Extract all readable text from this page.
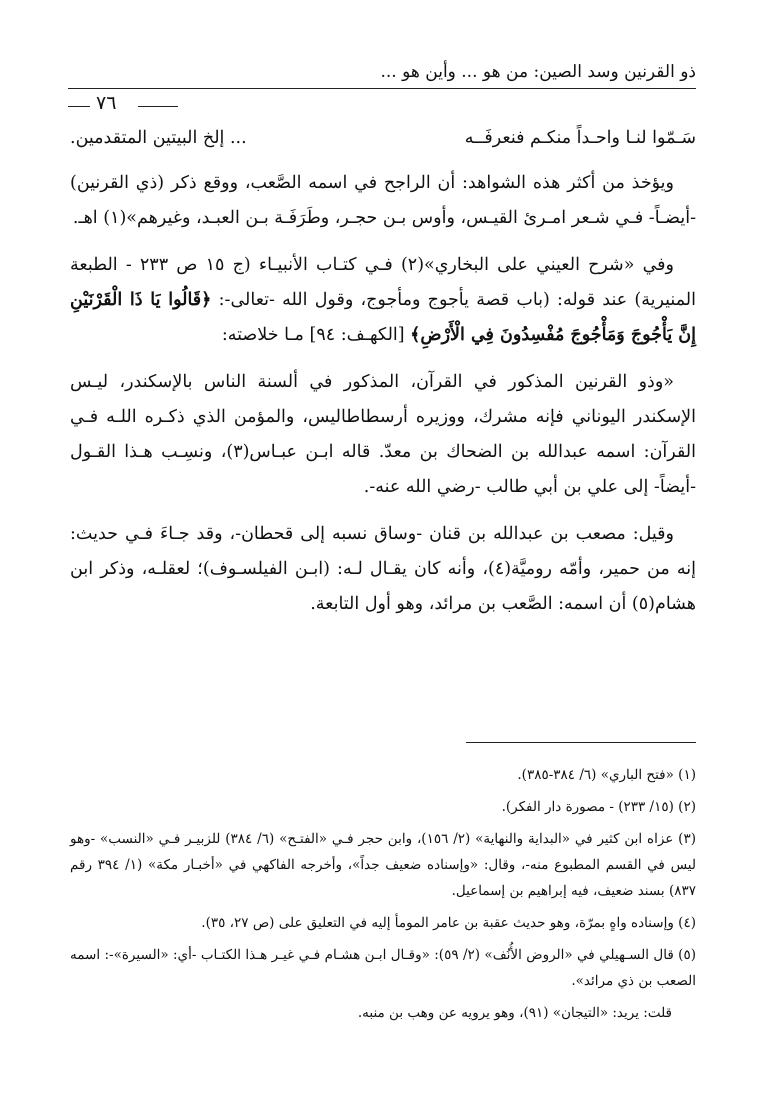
ذو القرنين وسد الصين: من هو ... وأين هو ...
٧٦
سَـمّوا لنـا واحـداً منكـم فنعرفَــه
... إلخ البيتين المتقدمين.

ويؤخذ من أكثر هذه الشواهد: أن الراجح في اسمه الصَّعب، ووقع ذكر (ذي القرنين) -أيضـاً- فـي شـعر امـرئ القيـس، وأوس بـن حجـر، وطَرَفَـة بـن العبـد، وغيرهم»(١) اهـ.

وفي «شرح العيني على البخاري»(٢) فـي كتـاب الأنبيـاء (ج ١٥ ص ٢٣٣ - الطبعة المنيرية) عند قوله: (باب قصة يأجوج ومأجوج، وقول الله -تعالى-: ﴿قَالُوا يَا ذَا الْقَرْنَيْنِ إِنَّ يَأْجُوجَ وَمَأْجُوجَ مُفْسِدُونَ فِي الْأَرْضِ﴾ [الكهـف: ٩٤] مـا خلاصته:

«وذو القرنين المذكور في القرآن، المذكور في ألسنة الناس بالإسكندر، ليـس الإسكندر اليوناني فإنه مشرك، ووزيره أرسطاطاليس، والمؤمن الذي ذكـره اللـه فـي القرآن: اسمه عبدالله بن الضحاك بن معدّ. قاله ابـن عبـاس(٣)، ونسِـب هـذا القـول -أيضاً- إلى علي بن أبي طالب -رضي الله عنه-.

وقيل: مصعب بن عبدالله بن قنان -وساق نسبه إلى قحطان-، وقد جـاءَ فـي حديث: إنه من حمير، وأمّه روميَّة(٤)، وأنه كان يقـال لـه: (ابـن الفيلسـوف)؛ لعقلـه، وذكر ابن هشام(٥) أن اسمه: الصَّعب بن مرائد، وهو أول التابعة.

(١) «فتح الباري» (٦/ ٣٨٤-٣٨٥).

(٢) (١٥/ ٢٣٣) - مصورة دار الفكر).

(٣) عزاه ابن كثير في «البداية والنهاية» (٢/ ١٥٦)، وابن حجر فـي «الفتـح» (٦/ ٣٨٤) للزبيـر فـي «النسب» -وهو ليس في القسم المطبوع منه-، وقال: «وإسناده ضعيف جداً»، وأخرجه الفاكهي في «أخبـار مكة» (١/ ٣٩٤ رقم ٨٣٧) بسند ضعيف، فيه إبراهيم بن إسماعيل.

(٤) وإسناده واهٍ بمرّة، وهو حديث عقبة بن عامر المومأ إليه في التعليق على (ص ٢٧، ٣٥).

(٥) قال السـهيلي في «الروض الأُنُف» (٢/ ٥٩): «وقـال ابـن هشـام فـي غيـر هـذا الكتـاب -أي: «السيرة»-: اسمه الصعب بن ذي مرائد».

قلت: يريد: «التيجان» (٩١)، وهو يرويه عن وهب بن منبه.
